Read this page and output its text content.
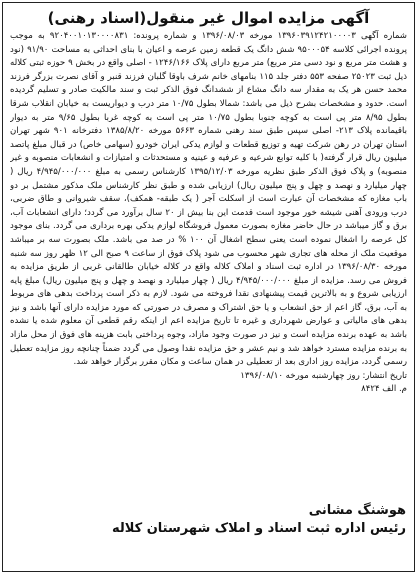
آگهی مزایده اموال غیر منقول(اسناد رهنی)

شماره آگهی ۱۳۹۶۰۳۹۱۲۴۲۱۰۰۰۰۳ مورخه ۱۳۹۶/۰۸/۰۳ و شماره پرونده: ۹۲۰۴۰۰۱۰۱۳۰۰۰۰۸۳۱ به موجب پرونده اجرائی کلاسه ۹۵۰۰۰۵۴ شش دانگ یک قطعه زمین عرصه و اعیان با بنای احداثی به مساحت ۹۱/۹۰ (نود و هشت متر مربع و نود دسی متر مربع) متر مربع دارای پلاک ۱۲۴۶/۱۶۶ - اصلی واقع در بخش ۹ حوزه ثبتی کلاله ذیل ثبت ۲۵۰۲۳ صفحه ۵۵۳ دفتر جلد ۱۱۵ بنامهای خانم شرف باوقا گلبان فرزند قنبر و آقای نصرت بزرگر فرزند محمد حسن هر یک به مقدار سه دانگ مشاع از ششدانگ فوق الذکر ثبت و سند مالکیت صادر و تسلیم گردیده است. حدود و مشخصات بشرح ذیل می باشد: شمالا بطول ۱۰/۷۵ متر درب و دیواریست به خیابان انقلاب شرقا بطول ۸/۹۵ متر پی است به کوچه جنوبا بطول ۱۰/۷۵ متر پی است به کوچه غربا بطول ۹/۶۵ متر به دیوار باقیمانده پلاک ۲۱۳- اصلی سپس طبق سند رهنی شماره ۵۶۶۳ مورخه ۱۳۸۵/۸/۲۰ دفترخانه ۹۰۱ شهر تهران استان تهران در رهن شرکت تهیه و توزیع قطعات و لوازم یدکی ایران خودرو (سهامی خاص) در قبال مبلغ پاتصد میلیون ریال قرار گرفته( با کلیه توابع شرعیه و عرفیه و عینیه و مستحدثات و امتیازات و انشعابات منصوبه و غیر منصوبه) و پلاک فوق الذکر طبق نظریه مورخه ۱۳۹۵/۱۲/۰۳ کارشناس رسمی به مبلغ ۴/۹۴۵/۰۰۰/۰۰۰ ریال ( چهار میلیارد و نهصد و چهل و پنج میلیون ریال) ارزیابی شده و طبق نظر کارشناس ملک مذکور مشتمل بر دو باب مغازه که مشخصات آن عبارت است از اسکلت آجر ( یک طبقه- همکف)، سقف شیروانی و طاق ضربی، درب ورودی آهنی شیشه خور موجود است قدمت این بنا بیش از ۲۰ سال برآورد می گردد؛ دارای انشعابات آب، برق و گاز میباشد در حال حاضر مغازه بصورت معمول فروشگاه لوازم یدکی بهره برداری می گردد. بنای موجود کل عرصه را اشغال نموده است یعنی سطح اشغال آن ۱۰۰ % در صد می باشد. ملک بصورت سه بر میباشد موقعیت ملک از محله های تجاری شهر محسوب می شود پلاک فوق از ساعت ۹ صبح الی ۱۲ ظهر روز سه شنبه مورخه ۱۳۹۶/۰۸/۳۰ در اداره ثبت اسناد و املاک کلاله واقع در کلاله خیابان طالقانی غربی از طریق مزایده به فروش می رسد. مزایده از مبلغ ۴/۹۴۵/۰۰۰/۰۰۰ ریال ( چهار میلیارد و نهصد و چهل و پنج میلیون ریال) مبلغ پایه ارزیابی شروع و به بالاترین قیمت پیشنهادی نقدا فروخته می شود. لازم به ذکر است پرداخت بدهی های مربوط به آب، برق، گاز اعم از حق انشعاب و یا حق اشتراک و مصرف در صورتی که مورد مزایده دارای آنها باشد و نیز بدهی های مالیاتی و عوارض شهرداری و غیره تا تاریخ مزایده اعم از اینکه رقم قطعی آن معلوم شده یا نشده باشد به عهده برنده مزایده است و نیز در صورت وجود مازاد، وجوه پرداختی بابت هزینه های فوق از محل مازاد به برنده مزایده مسترد خواهد شد و نیم عشر و حق مزایده نقدا وصول می گردد ضمناً چنانچه روز مزایده تعطیل رسمی گردد، مزایده روز اداری بعد از تعطیلی در همان ساعت و مکان مقرر برگزار خواهد شد.

تاریخ انتشار: روز چهارشنبه مورخه ۱۳۹۶/۰۸/۱۰

م. الف ۸۴۲۴

هوشنگ مشانی
رئیس اداره ثبت اسناد و املاک شهرستان کلاله
